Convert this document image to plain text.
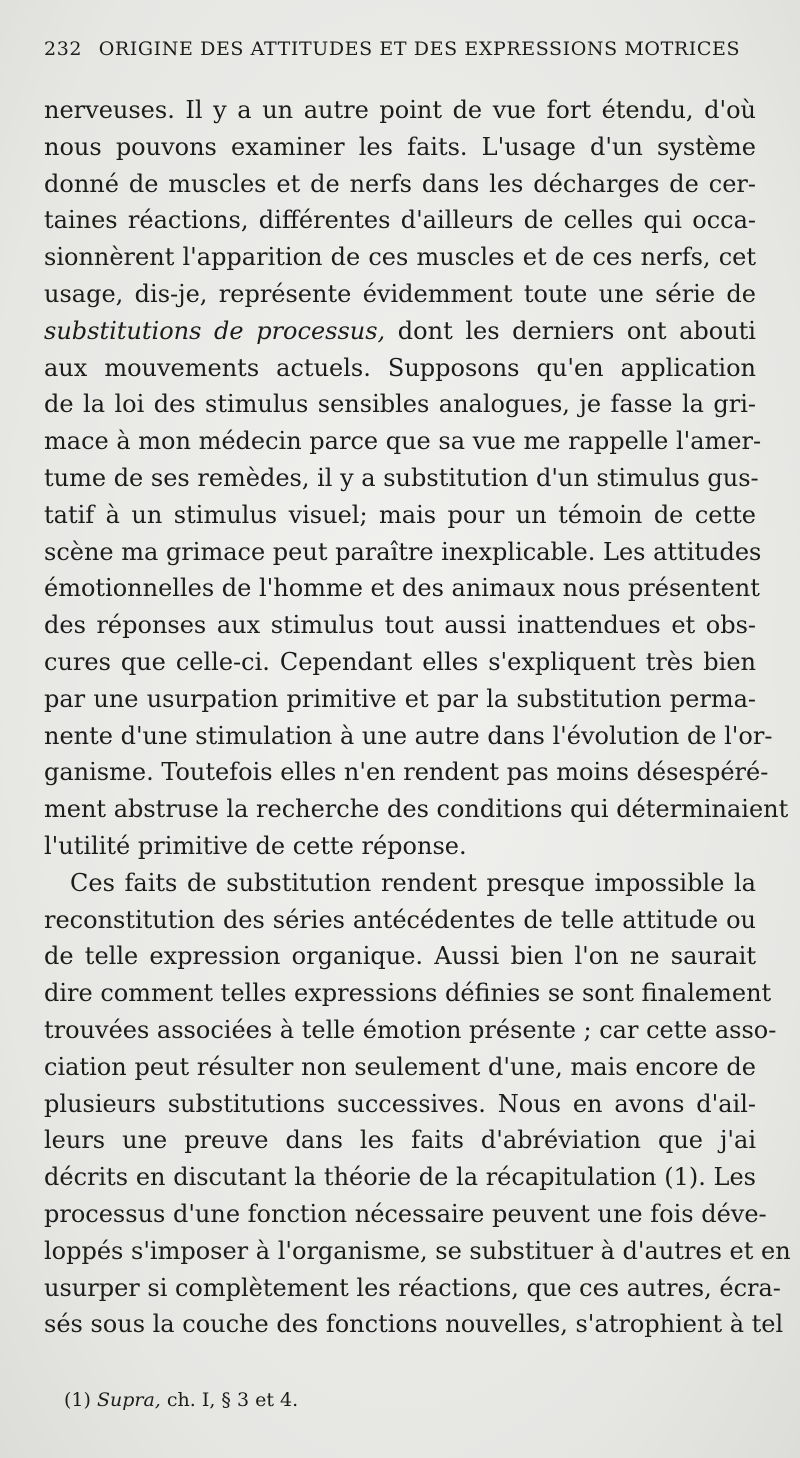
232 ORIGINE DES ATTITUDES ET DES EXPRESSIONS MOTRICES
nerveuses. Il y a un autre point de vue fort étendu, d'où
nous pouvons examiner les faits. L'usage d'un système
donné de muscles et de nerfs dans les décharges de cer-
taines réactions, différentes d'ailleurs de celles qui occa-
sionnèrent l'apparition de ces muscles et de ces nerfs, cet
usage, dis-je, représente évidemment toute une série de
substitutions de processus, dont les derniers ont abouti
aux mouvements actuels. Supposons qu'en application
de la loi des stimulus sensibles analogues, je fasse la gri-
mace à mon médecin parce que sa vue me rappelle l'amer-
tume de ses remèdes, il y a substitution d'un stimulus gus-
tatif à un stimulus visuel; mais pour un témoin de cette
scène ma grimace peut paraître inexplicable. Les attitudes
émotionnelles de l'homme et des animaux nous présentent
des réponses aux stimulus tout aussi inattendues et obs-
cures que celle-ci. Cependant elles s'expliquent très bien
par une usurpation primitive et par la substitution perma-
nente d'une stimulation à une autre dans l'évolution de l'or-
ganisme. Toutefois elles n'en rendent pas moins désespéré-
ment abstruse la recherche des conditions qui déterminaient
l'utilité primitive de cette réponse.
Ces faits de substitution rendent presque impossible la
reconstitution des séries antécédentes de telle attitude ou
de telle expression organique. Aussi bien l'on ne saurait
dire comment telles expressions définies se sont finalement
trouvées associées à telle émotion présente ; car cette asso-
ciation peut résulter non seulement d'une, mais encore de
plusieurs substitutions successives. Nous en avons d'ail-
leurs une preuve dans les faits d'abréviation que j'ai
décrits en discutant la théorie de la récapitulation (1). Les
processus d'une fonction nécessaire peuvent une fois déve-
loppés s'imposer à l'organisme, se substituer à d'autres et en
usurper si complètement les réactions, que ces autres, écra-
sés sous la couche des fonctions nouvelles, s'atrophient à tel
(1) Supra, ch. I, § 3 et 4.
